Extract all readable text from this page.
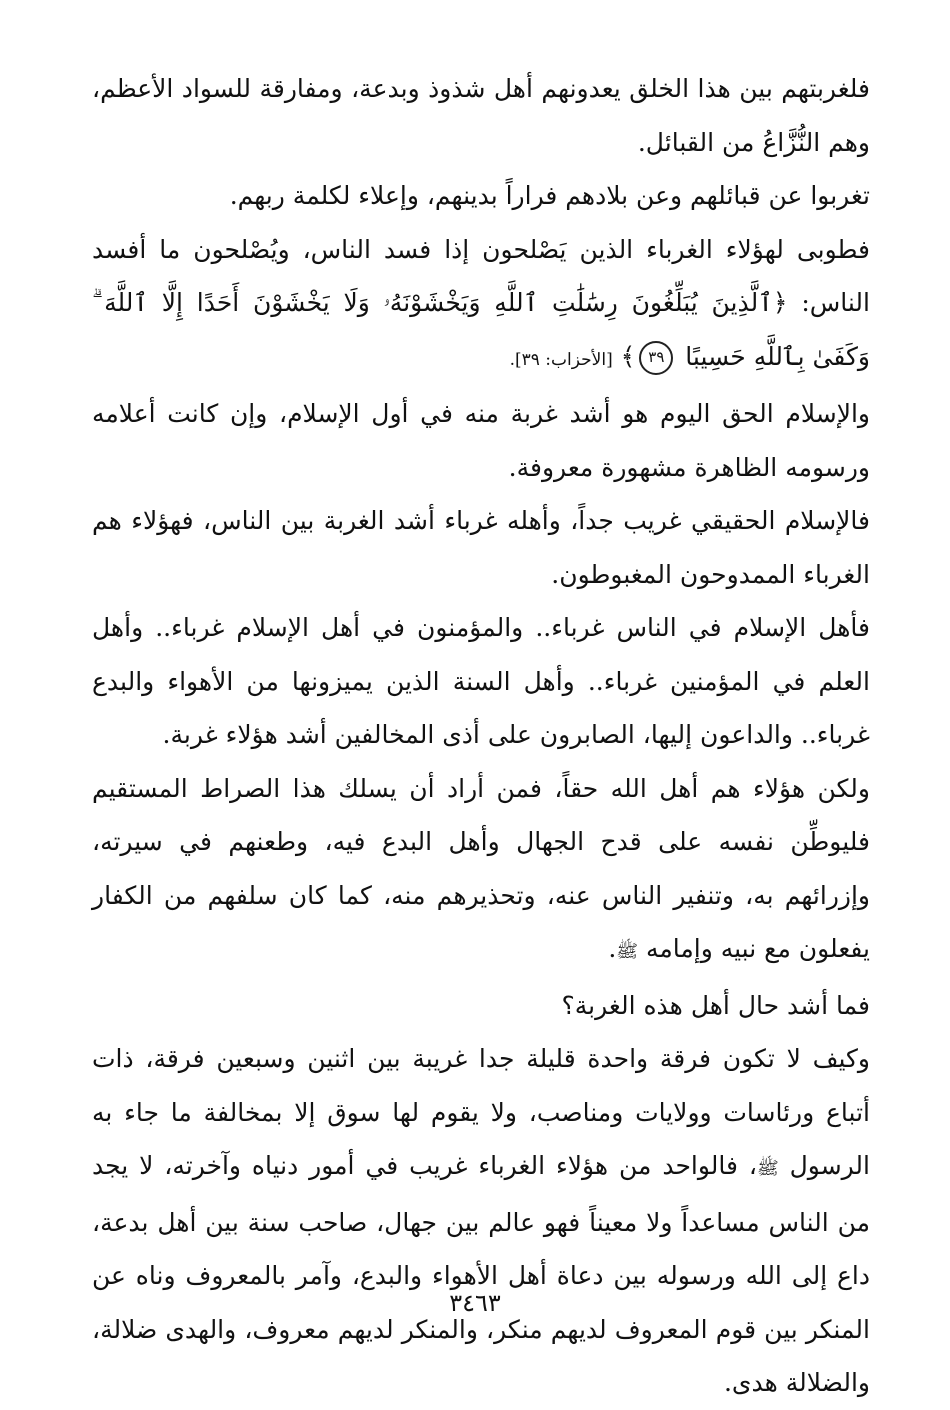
فلغربتهم بين هذا الخلق يعدونهم أهل شذوذ وبدعة، ومفارقة للسواد الأعظم، وهم النُّزَّاعُ من القبائل.

تغربوا عن قبائلهم وعن بلادهم فراراً بدينهم، وإعلاء لكلمة ربهم.

فطوبى لهؤلاء الغرباء الذين يَصْلحون إذا فسد الناس، ويُصْلحون ما أفسد الناس: ﴿ٱلَّذِينَ يُبَلِّغُونَ رِسَٰلَٰتِ ٱللَّهِ وَيَخْشَوْنَهُۥ وَلَا يَخْشَوْنَ أَحَدًا إِلَّا ٱللَّهَ ۗ وَكَفَىٰ بِٱللَّهِ حَسِيبًا ٣٩﴾ [الأحزاب: ٣٩].

والإسلام الحق اليوم هو أشد غربة منه في أول الإسلام، وإن كانت أعلامه ورسومه الظاهرة مشهورة معروفة.

فالإسلام الحقيقي غريب جداً، وأهله غرباء أشد الغربة بين الناس، فهؤلاء هم الغرباء الممدوحون المغبوطون.

فأهل الإسلام في الناس غرباء.. والمؤمنون في أهل الإسلام غرباء.. وأهل العلم في المؤمنين غرباء.. وأهل السنة الذين يميزونها من الأهواء والبدع غرباء.. والداعون إليها، الصابرون على أذى المخالفين أشد هؤلاء غربة.

ولكن هؤلاء هم أهل الله حقاً، فمن أراد أن يسلك هذا الصراط المستقيم فليوطِّن نفسه على قدح الجهال وأهل البدع فيه، وطعنهم في سيرته، وإزرائهم به، وتنفير الناس عنه، وتحذيرهم منه، كما كان سلفهم من الكفار يفعلون مع نبيه وإمامه ﷺ.

فما أشد حال أهل هذه الغربة؟

وكيف لا تكون فرقة واحدة قليلة جدا غريبة بين اثنين وسبعين فرقة، ذات أتباع ورئاسات وولايات ومناصب، ولا يقوم لها سوق إلا بمخالفة ما جاء به الرسول ﷺ، فالواحد من هؤلاء الغرباء غريب في أمور دنياه وآخرته، لا يجد من الناس مساعداً ولا معيناً فهو عالم بين جهال، صاحب سنة بين أهل بدعة، داع إلى الله ورسوله بين دعاة أهل الأهواء والبدع، وآمر بالمعروف وناه عن المنكر بين قوم المعروف لديهم منكر، والمنكر لديهم معروف، والهدى ضلالة، والضلالة هدى.

٣٤٦٣
